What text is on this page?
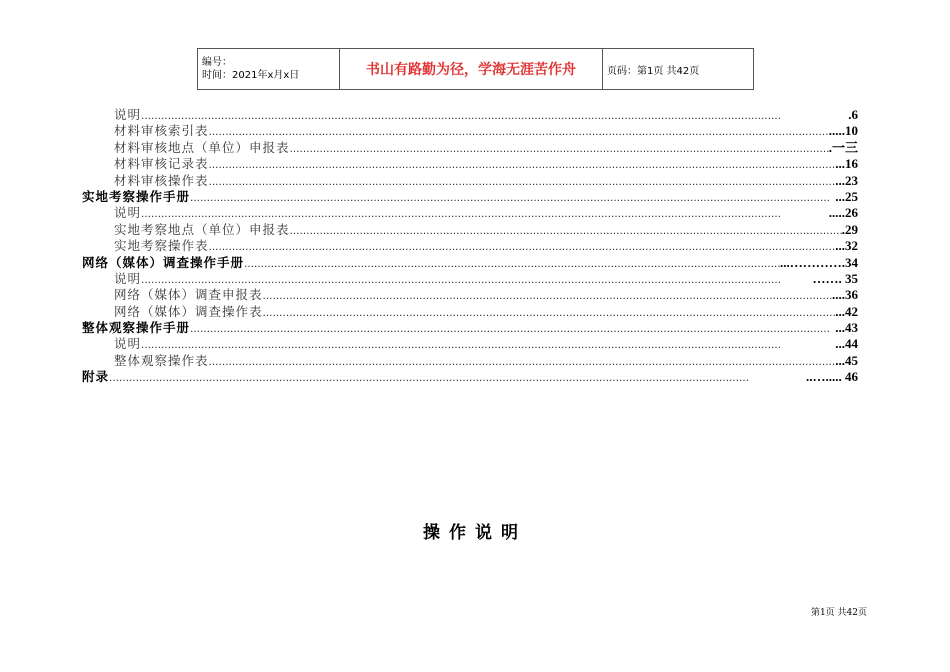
编号：
时间：2021年x月x日	书山有路勤为径，学海无涯苦作舟	页码：第1页 共42页
说明 …………………………………………………………………………………………………………………………………………………………………………	.6
材料审核索引表 …………………………………………………………………………………………………………………………………………………………………………	.....10
材料审核地点（单位）申报表 …………………………………………………………………………………………………………………………………………………………………………	.一三
材料审核记录表 …………………………………………………………………………………………………………………………………………………………………………	...16
材料审核操作表 …………………………………………………………………………………………………………………………………………………………………………	...23
实地考察操作手册 …………………………………………………………………………………………………………………………………………………………………………	...25
说明 …………………………………………………………………………………………………………………………………………………………………………	.....26
实地考察地点（单位）申报表 …………………………………………………………………………………………………………………………………………………………………………	.29
实地考察操作表 …………………………………………………………………………………………………………………………………………………………………………	...32
网络（媒体）调查操作手册 …………………………………………………………………………………………………………………………………………………………………………	...………….34
说明 …………………………………………………………………………………………………………………………………………………………………………	……. 35
网络（媒体）调查申报表 …………………………………………………………………………………………………………………………………………………………………………	....36
网络（媒体）调查操作表 …………………………………………………………………………………………………………………………………………………………………………	...42
整体观察操作手册 …………………………………………………………………………………………………………………………………………………………………………	...43
说明 …………………………………………………………………………………………………………………………………………………………………………	...44
整体观察操作表 …………………………………………………………………………………………………………………………………………………………………………	...45
附录 …………………………………………………………………………………………………………………………………………………………………………	..…..... 46
操作说明
第1页 共42页
